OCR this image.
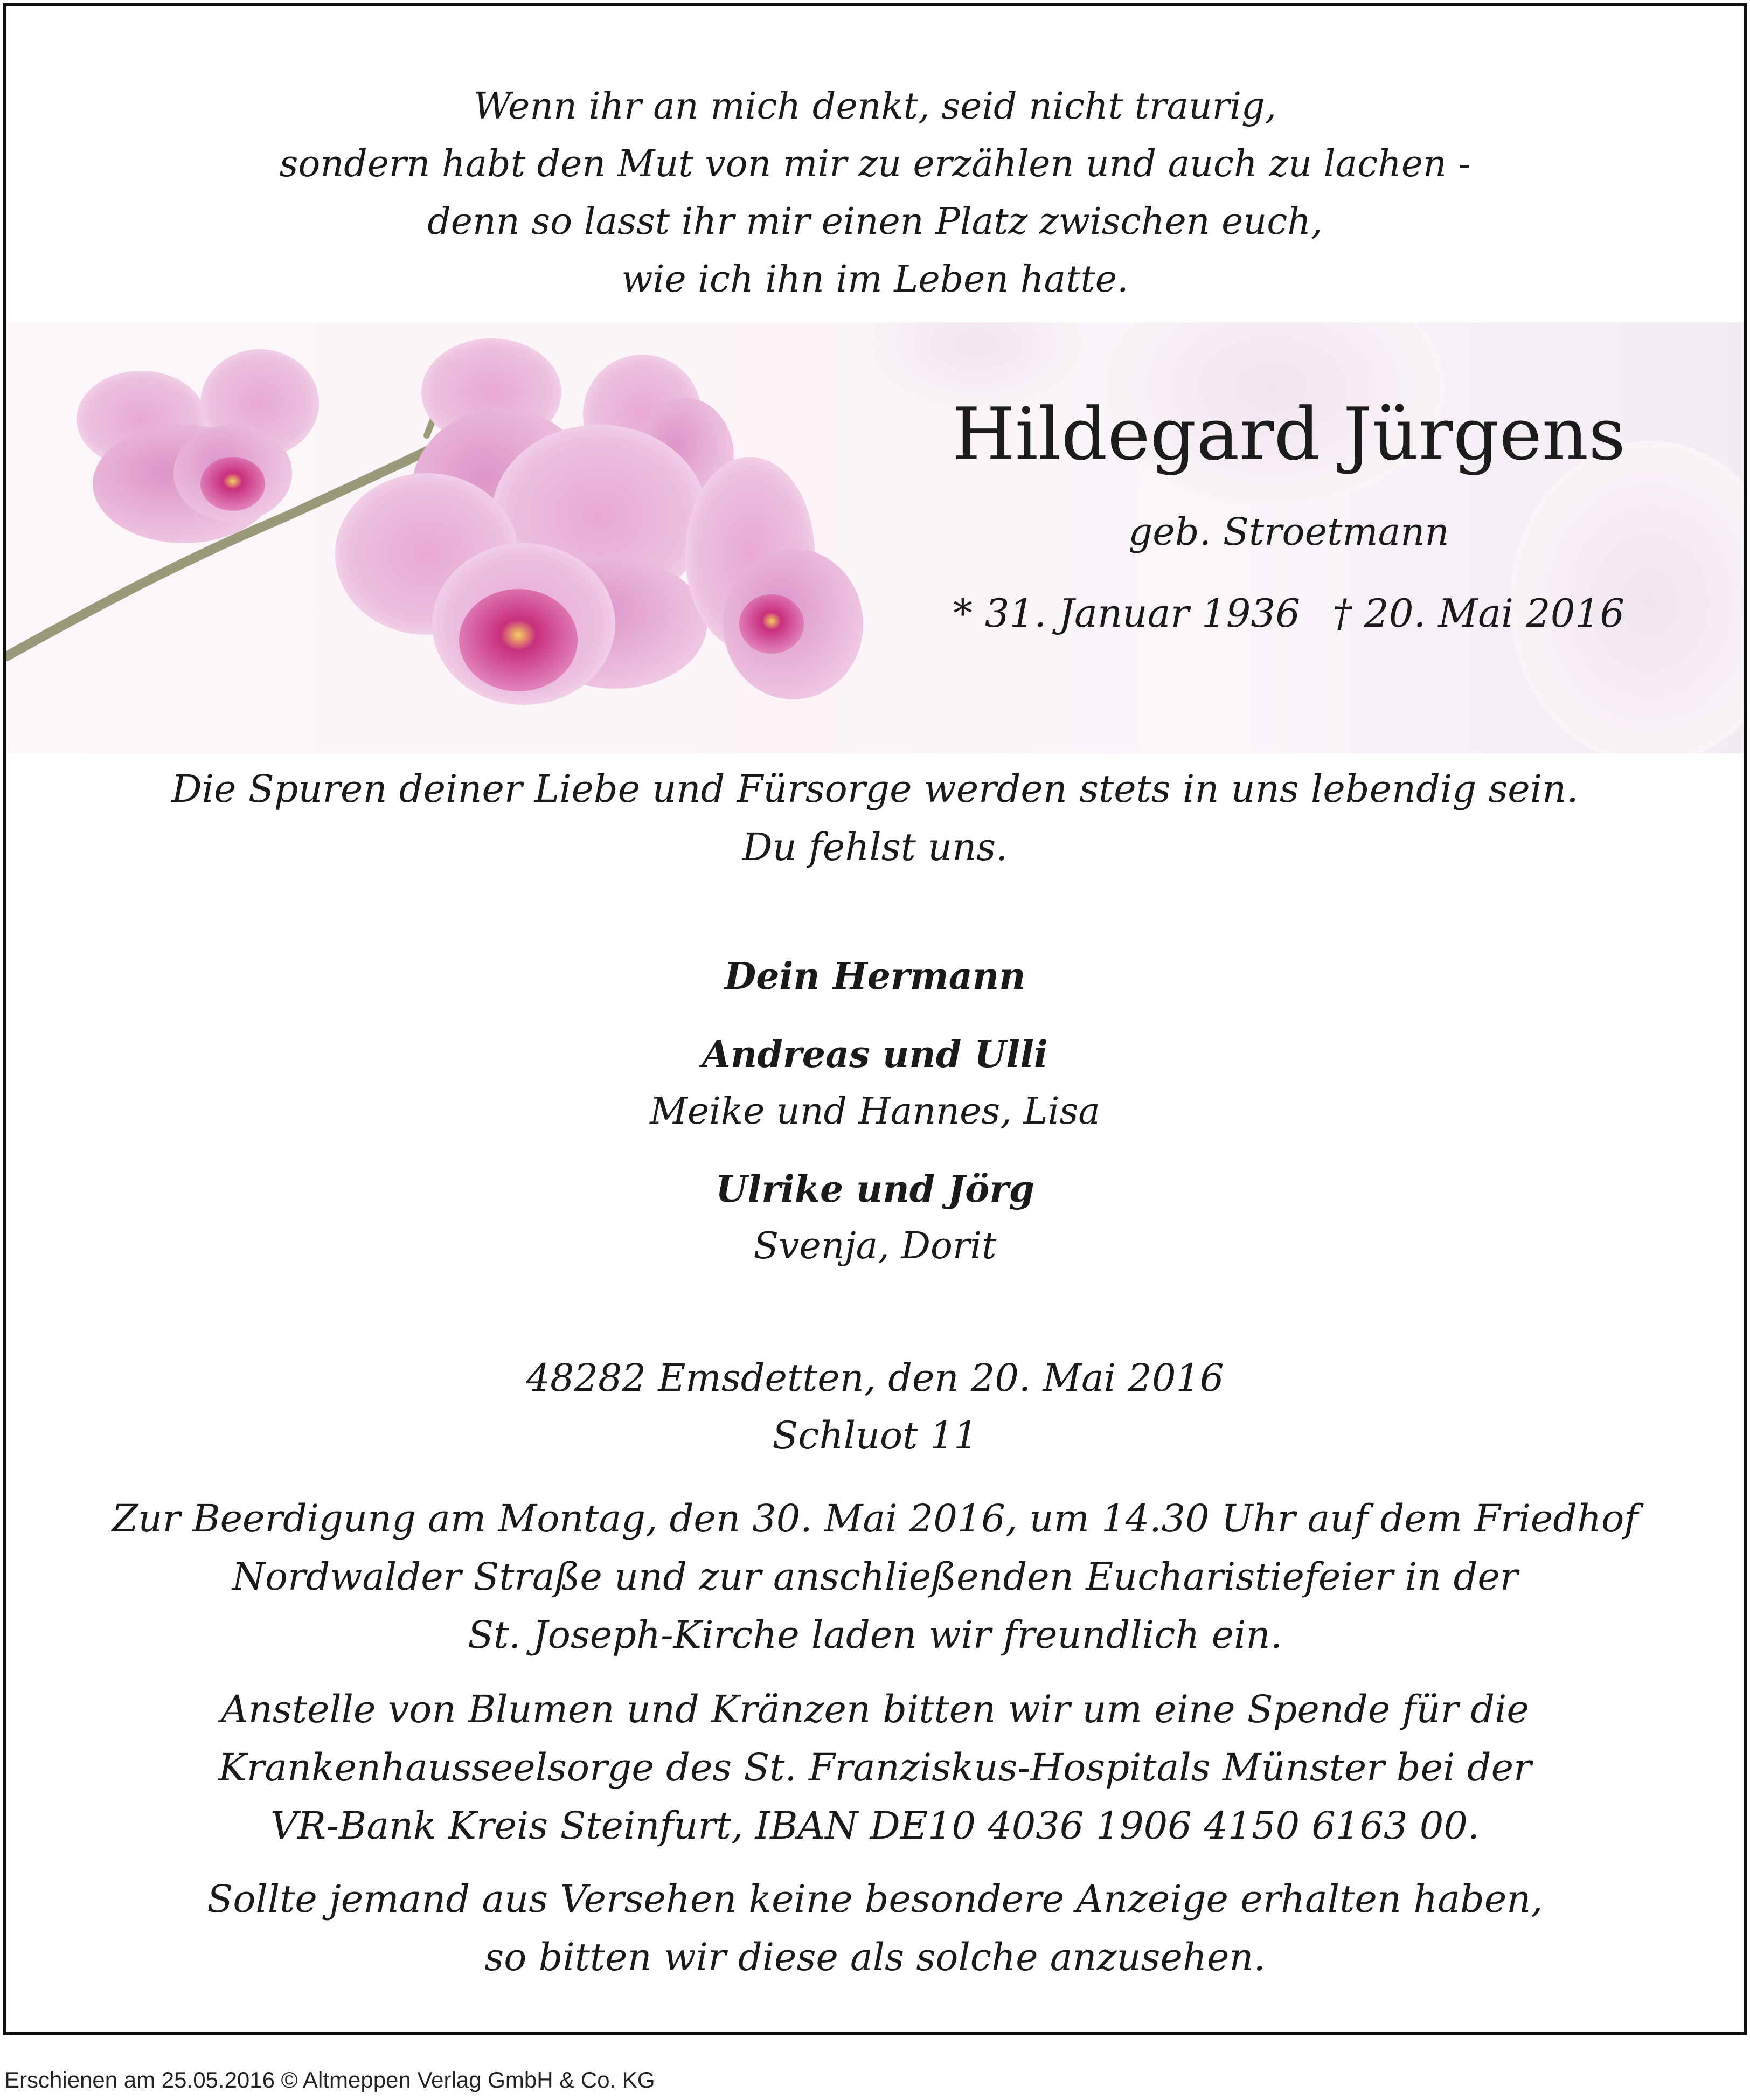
Wenn ihr an mich denkt, seid nicht traurig,
sondern habt den Mut von mir zu erzählen und auch zu lachen -
denn so lasst ihr mir einen Platz zwischen euch,
wie ich ihn im Leben hatte.
Hildegard Jürgens
geb. Stroetmann
* 31. Januar 1936 † 20. Mai 2016
Die Spuren deiner Liebe und Fürsorge werden stets in uns lebendig sein.
Du fehlst uns.
Dein Hermann
Andreas und Ulli
Meike und Hannes, Lisa
Ulrike und Jörg
Svenja, Dorit
48282 Emsdetten, den 20. Mai 2016
Schluot 11
Zur Beerdigung am Montag, den 30. Mai 2016, um 14.30 Uhr auf dem Friedhof
Nordwalder Straße und zur anschließenden Eucharistiefeier in der
St. Joseph-Kirche laden wir freundlich ein.
Anstelle von Blumen und Kränzen bitten wir um eine Spende für die
Krankenhausseelsorge des St. Franziskus-Hospitals Münster bei der
VR-Bank Kreis Steinfurt, IBAN DE10 4036 1906 4150 6163 00.
Sollte jemand aus Versehen keine besondere Anzeige erhalten haben,
so bitten wir diese als solche anzusehen.
Erschienen am 25.05.2016 © Altmeppen Verlag GmbH & Co. KG
